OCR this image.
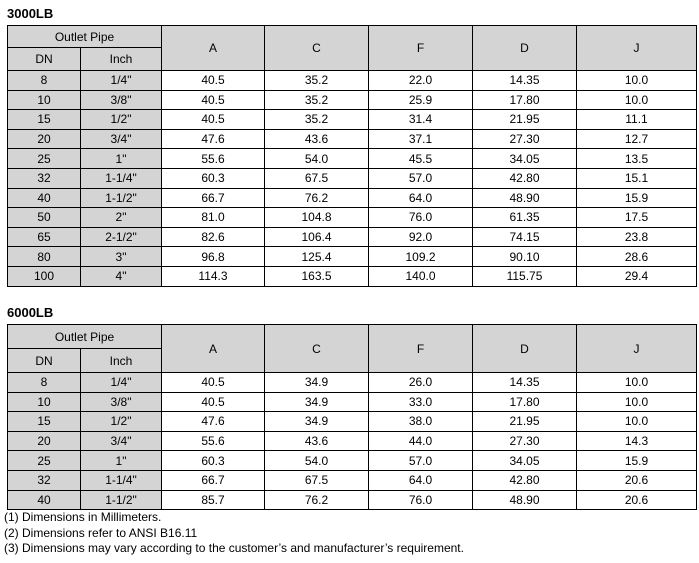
3000LB
Outlet Pipe		A	C	F	D	J
DN	Inch					
8	1/4"	40.5	35.2	22.0	14.35	10.0
10	3/8"	40.5	35.2	25.9	17.80	10.0
15	1/2"	40.5	35.2	31.4	21.95	11.1
20	3/4"	47.6	43.6	37.1	27.30	12.7
25	1"	55.6	54.0	45.5	34.05	13.5
32	1-1/4"	60.3	67.5	57.0	42.80	15.1
40	1-1/2"	66.7	76.2	64.0	48.90	15.9
50	2"	81.0	104.8	76.0	61.35	17.5
65	2-1/2"	82.6	106.4	92.0	74.15	23.8
80	3"	96.8	125.4	109.2	90.10	28.6
100	4"	114.3	163.5	140.0	115.75	29.4
6000LB
Outlet Pipe		A	C	F	D	J
DN	Inch					
8	1/4"	40.5	34.9	26.0	14.35	10.0
10	3/8"	40.5	34.9	33.0	17.80	10.0
15	1/2"	47.6	34.9	38.0	21.95	10.0
20	3/4"	55.6	43.6	44.0	27.30	14.3
25	1"	60.3	54.0	57.0	34.05	15.9
32	1-1/4"	66.7	67.5	64.0	42.80	20.6
40	1-1/2"	85.7	76.2	76.0	48.90	20.6
(1) Dimensions in Millimeters.
(2) Dimensions refer to ANSI B16.11
(3) Dimensions may vary according to the customer’s and manufacturer’s requirement.
